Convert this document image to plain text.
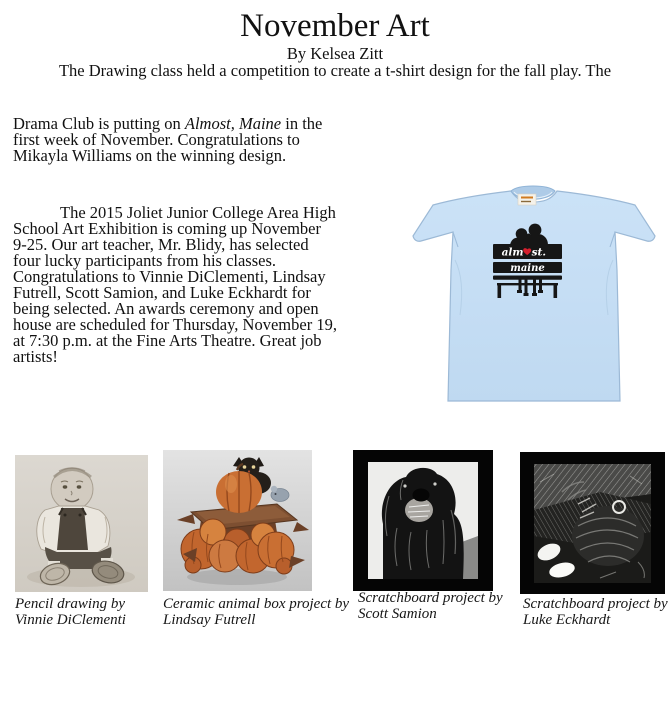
November Art
By Kelsea Zitt
The Drawing class held a competition to create a t-shirt design for the fall play. The
Drama Club is putting on Almost, Maine in the
first week of November. Congratulations to
Mikayla Williams on the winning design.
The 2015 Joliet Junior College Area High
School Art Exhibition is coming up November
9-25. Our art teacher, Mr. Blidy, has selected
four lucky participants from his classes.
Congratulations to Vinnie DiClementi, Lindsay
Futrell, Scott Samion, and Luke Eckhardt for
being selected. An awards ceremony and open
house are scheduled for Thursday, November 19,
at 7:30 p.m. at the Fine Arts Theatre. Great job
artists!
alm st.
maine
Pencil drawing by
Vinnie DiClementi
Ceramic animal box project by
Lindsay Futrell
Scratchboard project by
Scott Samion
Scratchboard project by
Luke Eckhardt
